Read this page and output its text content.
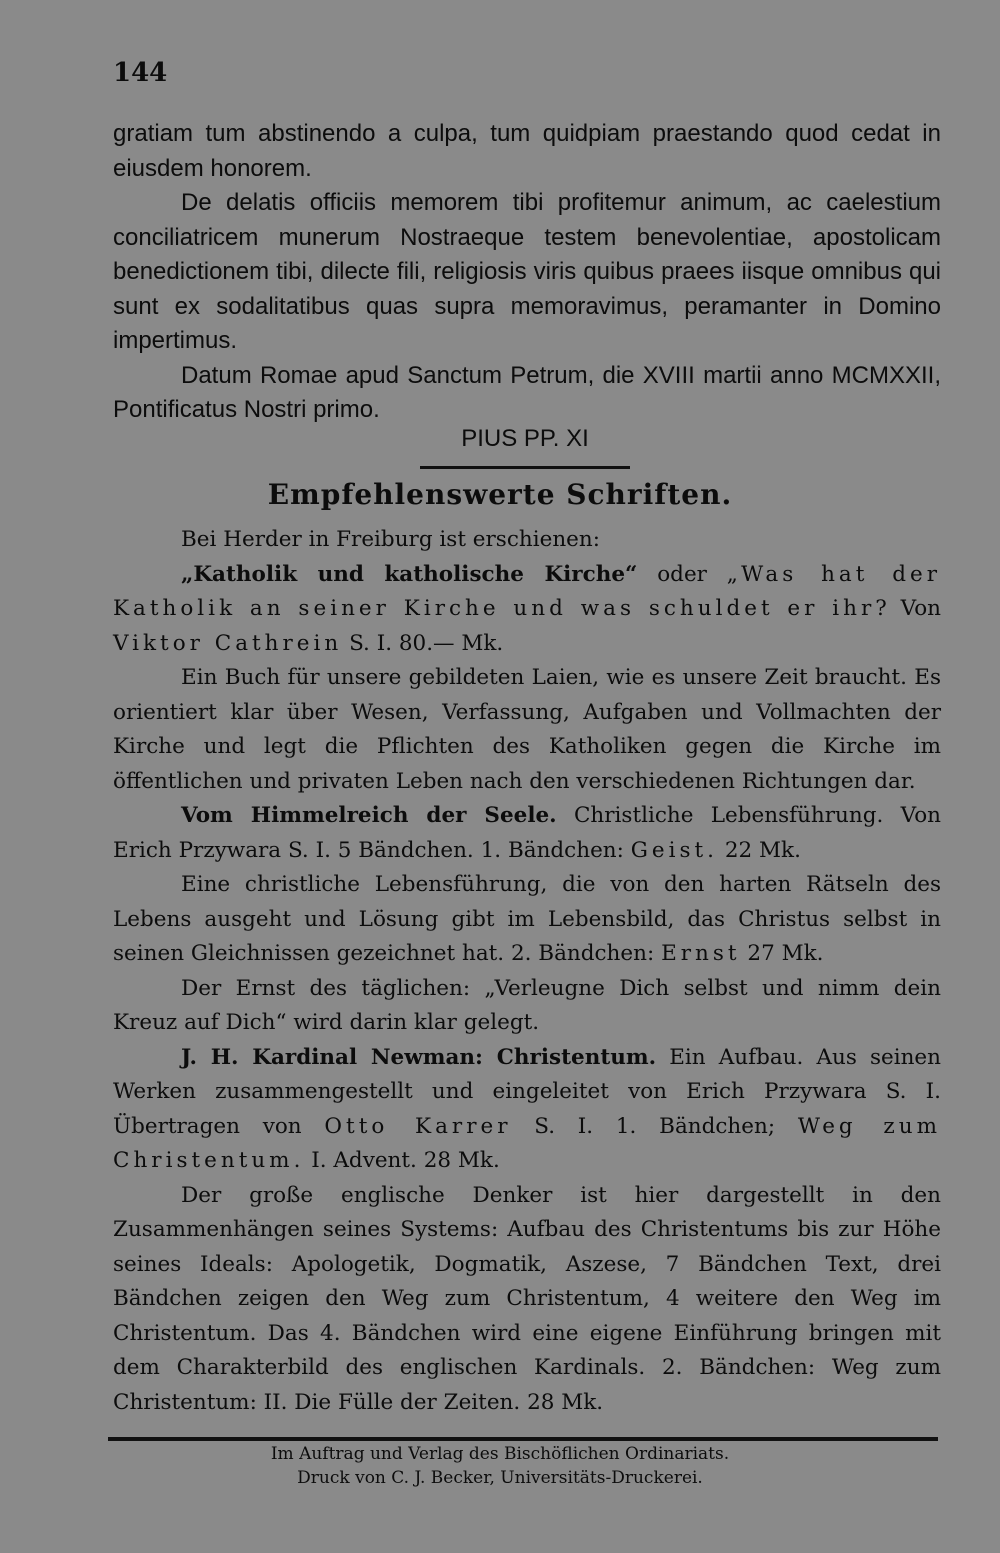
144

gratiam tum abstinendo a culpa, tum quidpiam praestando quod cedat in eiusdem honorem.

De delatis officiis memorem tibi profitemur animum, ac caelestium conciliatricem munerum Nostraeque testem benevolentiae, apostolicam benedictionem tibi, dilecte fili, religiosis viris quibus praees iisque omnibus qui sunt ex sodalitatibus quas supra memoravimus, peramanter in Domino impertimus.

Datum Romae apud Sanctum Petrum, die XVIII martii anno MCMXXII, Pontificatus Nostri primo.

PIUS PP. XI
Empfehlenswerte Schriften.

Bei Herder in Freiburg ist erschienen:

„Katholik und katholische Kirche“ oder „Was hat der Katholik an seiner Kirche und was schuldet er ihr? Von Viktor Cathrein S. I. 80.— Mk.

Ein Buch für unsere gebildeten Laien, wie es unsere Zeit braucht. Es orientiert klar über Wesen, Verfassung, Aufgaben und Vollmachten der Kirche und legt die Pflichten des Katholiken gegen die Kirche im öffentlichen und privaten Leben nach den verschiedenen Richtungen dar.

Vom Himmelreich der Seele. Christliche Lebensführung. Von Erich Przywara S. I. 5 Bändchen. 1. Bändchen: Geist. 22 Mk.

Eine christliche Lebensführung, die von den harten Rätseln des Lebens ausgeht und Lösung gibt im Lebensbild, das Christus selbst in seinen Gleichnissen gezeichnet hat. 2. Bändchen: Ernst 27 Mk.

Der Ernst des täglichen: „Verleugne Dich selbst und nimm dein Kreuz auf Dich“ wird darin klar gelegt.

J. H. Kardinal Newman: Christentum. Ein Aufbau. Aus seinen Werken zusammengestellt und eingeleitet von Erich Przywara S. I. Übertragen von Otto Karrer S. I. 1. Bändchen; Weg zum Christentum. I. Advent. 28 Mk.

Der große englische Denker ist hier dargestellt in den Zusammenhängen seines Systems: Aufbau des Christentums bis zur Höhe seines Ideals: Apologetik, Dogmatik, Aszese, 7 Bändchen Text, drei Bändchen zeigen den Weg zum Christentum, 4 weitere den Weg im Christentum. Das 4. Bändchen wird eine eigene Einführung bringen mit dem Charakterbild des englischen Kardinals. 2. Bändchen: Weg zum Christentum: II. Die Fülle der Zeiten. 28 Mk.

Im Auftrag und Verlag des Bischöflichen Ordinariats.
Druck von C. J. Becker, Universitäts-Druckerei.
